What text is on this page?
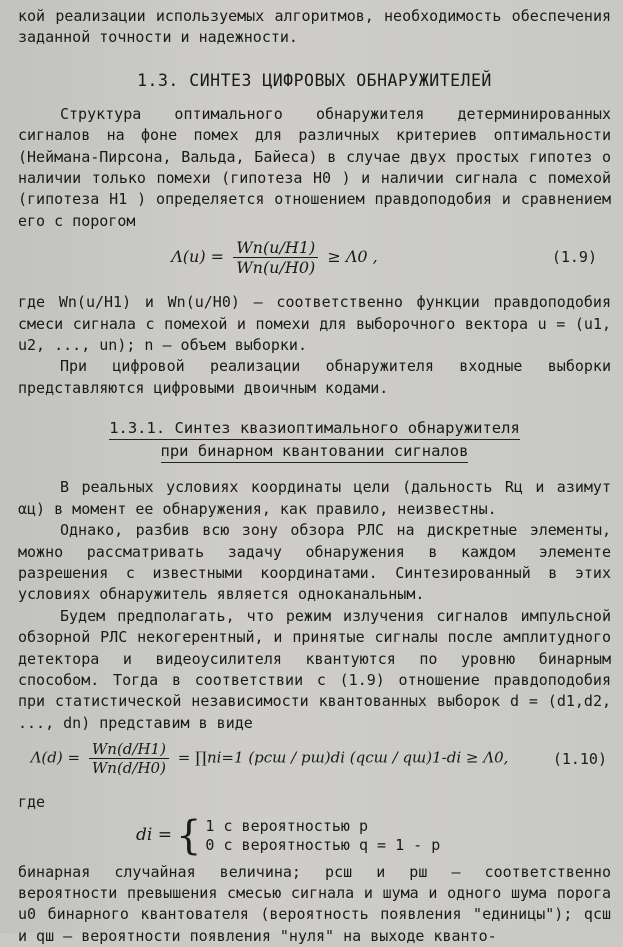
кой реализации используемых алгоритмов, необходимость обеспечения заданной точности и надежности.

1.3. СИНТЕЗ ЦИФРОВЫХ ОБНАРУЖИТЕЛЕЙ

Структура оптимального обнаружителя детерминированных сигналов на фоне помех для различных критериев оптимальности (Неймана-Пирсона, Вальда, Байеса) в случае двух простых гипотез о наличии только помехи (гипотеза H0 ) и наличии сигнала с помехой (гипотеза H1 ) определяется отношением правдоподобия и сравнением его с порогом

$\Lambda(u) = \frac{Wn(u/H1)}{Wn(u/H0)} \ge \Lambda 0$ ,	(1.9)

где Wn(u/H1) и Wn(u/H0) – соответственно функции правдоподобия смеси сигнала с помехой и помехи для выборочного вектора u = (u1, u2, ..., un); n – объем выборки.

При цифровой реализации обнаружителя входные выборки представляются цифровыми двоичным кодами.

1.3.1. Синтез квазиоптимального обнаружителя
при бинарном квантовании сигналов

В реальных условиях координаты цели (дальность Rц и азимут αц) в момент ее обнаружения, как правило, неизвестны.

Однако, разбив всю зону обзора РЛС на дискретные элементы, можно рассматривать задачу обнаружения в каждом элементе разрешения с известными координатами. Синтезированный в этих условиях обнаружитель является одноканальным.

Будем предполагать, что режим излучения сигналов импульсной обзорной РЛС некогерентный, и принятые сигналы после амплитудного детектора и видеоусилителя квантуются по уровню бинарным способом. Тогда в соответствии с (1.9) отношение правдоподобия при статистической независимости квантованных выборок d = (d1,d2, ..., dn) представим в виде

$\Lambda(d) = \frac{Wn(d/H1)}{Wn(d/H0)}$ = ∏ni=1 (pсш / pш)di (qсш / qш)1-di ≥ Λ0,	(1.10)

где

di = { 1 с вероятностью p
0 с вероятностью q = 1 - p

бинарная случайная величина; pсш и pш – соответственно вероятности превышения смесью сигнала и шума и одного шума порога u0 бинарного квантователя (вероятность появления "единицы"); qсш и qш – вероятности появления "нуля" на выходе кванто-
